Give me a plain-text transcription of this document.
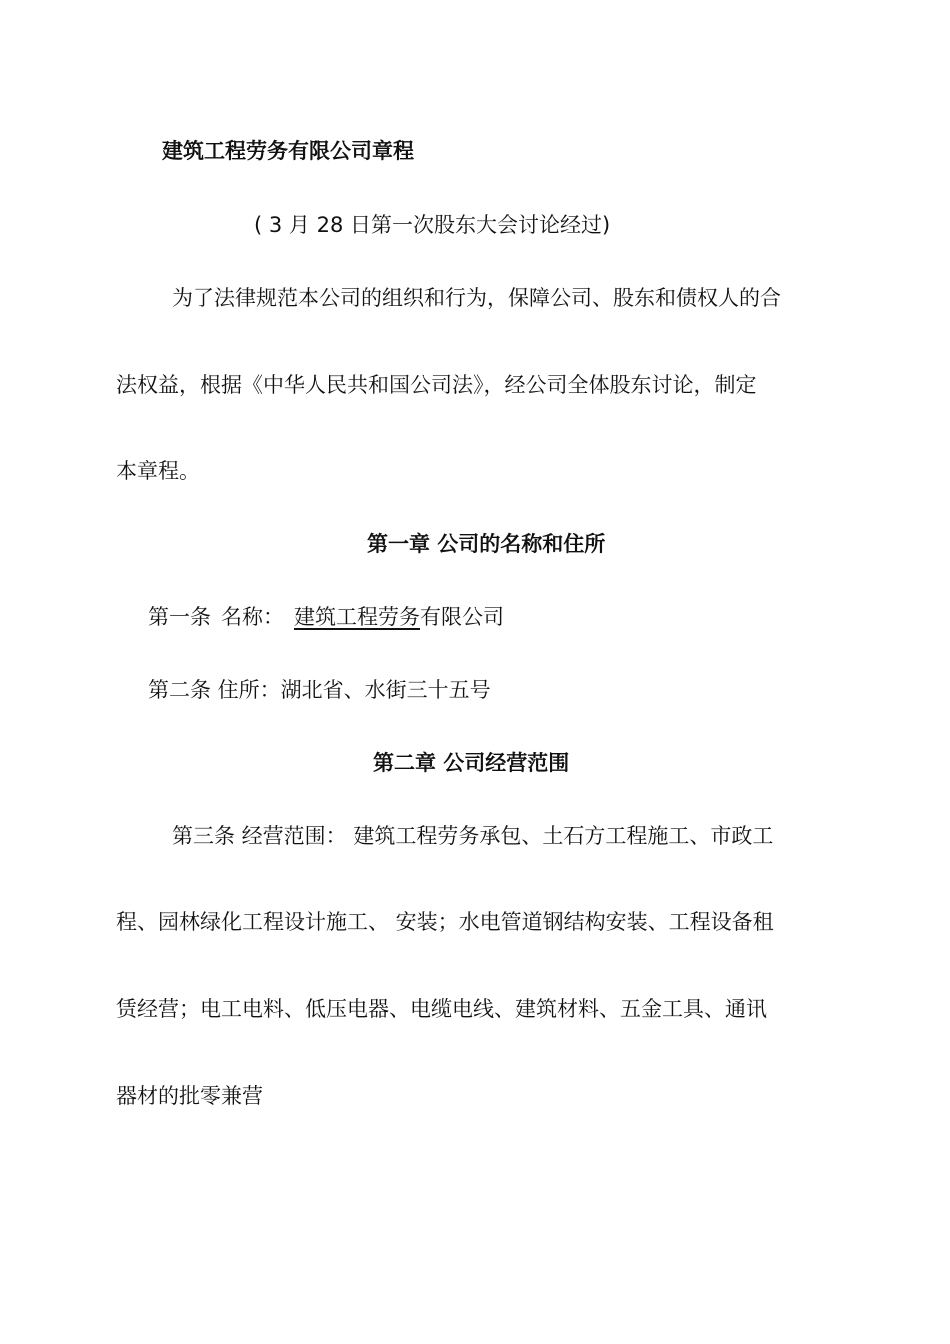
建筑工程劳务有限公司章程
( 3 月 28 日第一次股东大会讨论经过)
为了法律规范本公司的组织和行为，保障公司、股东和债权人的合
法权益，根据《中华人民共和国公司法》，经公司全体股东讨论，制定
本章程。
第一章 公司的名称和住所
第一条 名称： 建筑工程劳务有限公司
第二条 住所：湖北省、水街三十五号
第二章 公司经营范围
第三条 经营范围： 建筑工程劳务承包、土石方工程施工、市政工
程、园林绿化工程设计施工、 安装；水电管道钢结构安装、工程设备租
赁经营；电工电料、低压电器、电缆电线、建筑材料、五金工具、通讯
器材的批零兼营
